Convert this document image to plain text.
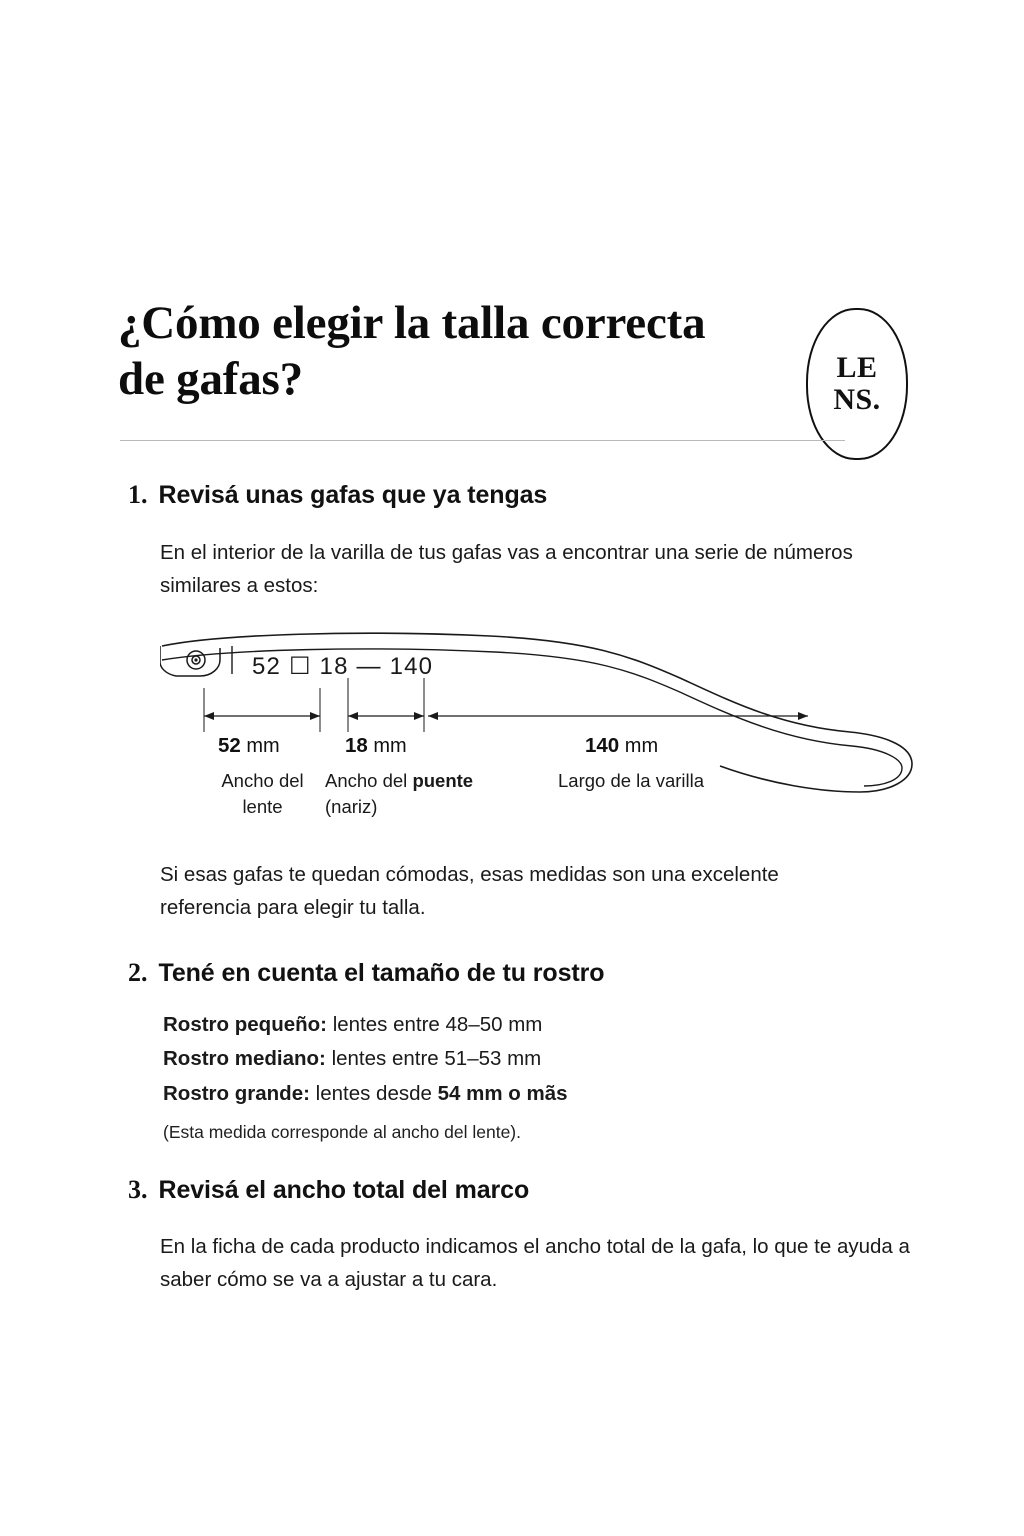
¿Cómo elegir la talla correcta de gafas?	LE
NS.
1. Revisá unas gafas que ya tengas
En el interior de la varilla de tus gafas vas a encontrar una serie de números similares a estos:
52 ☐ 18 — 140
52 mm
Ancho del
lente
18 mm
Ancho del puente
(nariz)
140 mm
Largo de la varilla
Si esas gafas te quedan cómodas, esas medidas son una excelente referencia para elegir tu talla.
2. Tené en cuenta el tamaño de tu rostro
Rostro pequeño: lentes entre 48–50 mm
Rostro mediano: lentes entre 51–53 mm
Rostro grande: lentes desde 54 mm o mãs
(Esta medida corresponde al ancho del lente).
3. Revisá el ancho total del marco
En la ficha de cada producto indicamos el ancho total de la gafa, lo que te ayuda a saber cómo se va a ajustar a tu cara.
